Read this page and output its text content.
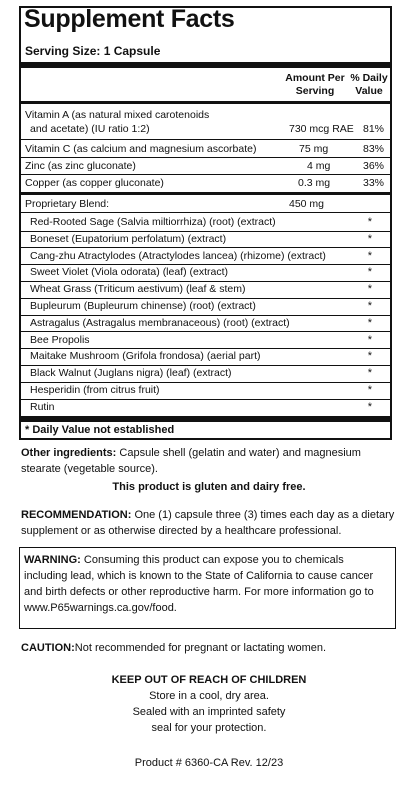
Supplement Facts
Serving Size: 1 Capsule
Amount Per
Serving
% Daily
Value
Vitamin A (as natural mixed carotenoids
and acetate) (IU ratio 1:2)	730 mcg RAE 81%
Vitamin C (as calcium and magnesium ascorbate)	75 mg	83%
Zinc (as zinc gluconate)	4 mg	36%
Copper (as copper gluconate)	0.3 mg	33%
Proprietary Blend:	450 mg
* Daily Value not established
Red-Rooted Sage (Salvia miltiorrhiza) (root) (extract)	*
Boneset (Eupatorium perfolatum) (extract)	*
Cang-zhu Atractylodes (Atractylodes lancea) (rhizome) (extract)	*
Sweet Violet (Viola odorata) (leaf) (extract)	*
Wheat Grass (Triticum aestivum) (leaf & stem)	*
Bupleurum (Bupleurum chinense) (root) (extract)	*
Astragalus (Astragalus membranaceous) (root) (extract)	*
Bee Propolis	*
Maitake Mushroom (Grifola frondosa) (aerial part)	*
Black Walnut (Juglans nigra) (leaf) (extract)	*
Hesperidin (from citrus fruit)	*
Rutin	*
Other ingredients: Capsule shell (gelatin and water) and magnesium stearate (vegetable source).
This product is gluten and dairy free.
RECOMMENDATION: One (1) capsule three (3) times each day as a dietary supplement or as otherwise directed by a healthcare professional.
WARNING: Consuming this product can expose you to chemicals including lead, which is known to the State of California to cause cancer and birth defects or other reproductive harm. For more information go to www.P65warnings.ca.gov/food.
CAUTION:Not recommended for pregnant or lactating women.
KEEP OUT OF REACH OF CHILDREN
Store in a cool, dry area.
Sealed with an imprinted safety
seal for your protection.
Product # 6360-CA Rev. 12/23
